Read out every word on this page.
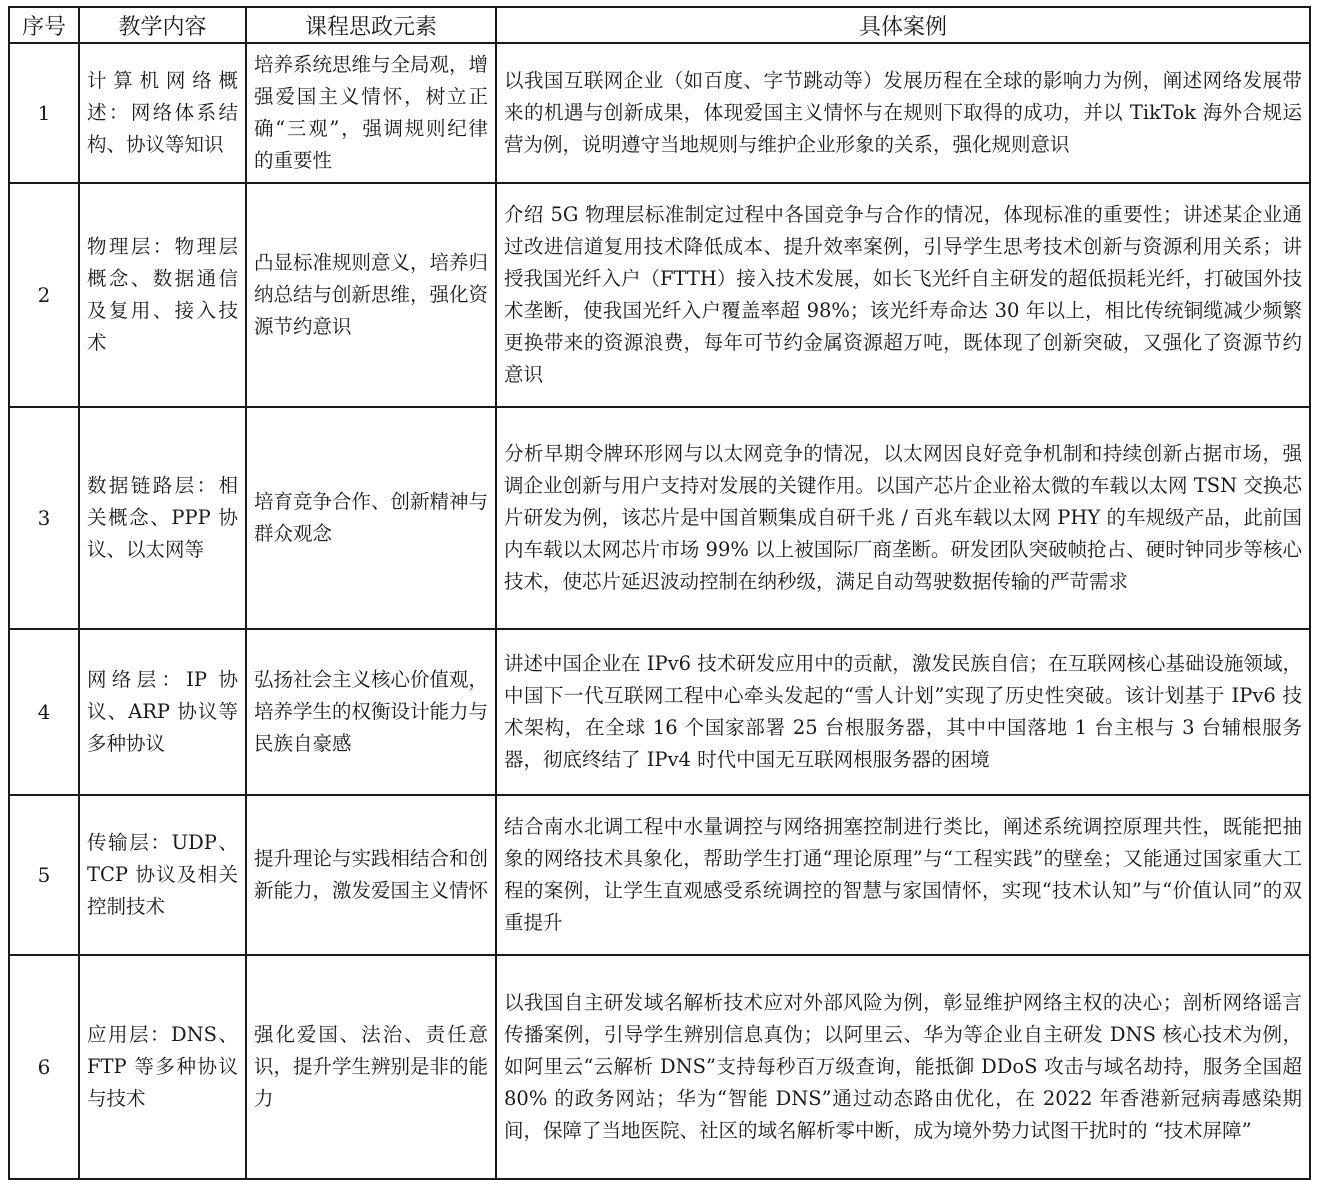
序号	教学内容	课程思政元素	具体案例
1	计算机网络概述：网络体系结构、协议等知识	培养系统思维与全局观，增强爱国主义情怀，树立正确“三观”，强调规则纪律的重要性	以我国互联网企业（如百度、字节跳动等）发展历程在全球的影响力为例，阐述网络发展带来的机遇与创新成果，体现爱国主义情怀与在规则下取得的成功，并以 TikTok 海外合规运营为例，说明遵守当地规则与维护企业形象的关系，强化规则意识
2	物理层：物理层概念、数据通信及复用、接入技术	凸显标准规则意义，培养归纳总结与创新思维，强化资源节约意识	介绍 5G 物理层标准制定过程中各国竞争与合作的情况，体现标准的重要性；讲述某企业通过改进信道复用技术降低成本、提升效率案例，引导学生思考技术创新与资源利用关系；讲授我国光纤入户（FTTH）接入技术发展，如长飞光纤自主研发的超低损耗光纤，打破国外技术垄断，使我国光纤入户覆盖率超 98%；该光纤寿命达 30 年以上，相比传统铜缆减少频繁更换带来的资源浪费，每年可节约金属资源超万吨，既体现了创新突破，又强化了资源节约意识
3	数据链路层：相关概念、PPP 协议、以太网等	培育竞争合作、创新精神与群众观念	分析早期令牌环形网与以太网竞争的情况，以太网因良好竞争机制和持续创新占据市场，强调企业创新与用户支持对发展的关键作用。以国产芯片企业裕太微的车载以太网 TSN 交换芯片研发为例，该芯片是中国首颗集成自研千兆 / 百兆车载以太网 PHY 的车规级产品，此前国内车载以太网芯片市场 99% 以上被国际厂商垄断。研发团队突破帧抢占、硬时钟同步等核心技术，使芯片延迟波动控制在纳秒级，满足自动驾驶数据传输的严苛需求
4	网络层：IP 协议、ARP 协议等多种协议	弘扬社会主义核心价值观，培养学生的权衡设计能力与民族自豪感	讲述中国企业在 IPv6 技术研发应用中的贡献，激发民族自信；在互联网核心基础设施领域，中国下一代互联网工程中心牵头发起的“雪人计划”实现了历史性突破。该计划基于 IPv6 技术架构，在全球 16 个国家部署 25 台根服务器，其中中国落地 1 台主根与 3 台辅根服务器，彻底终结了 IPv4 时代中国无互联网根服务器的困境
5	传输层：UDP、TCP 协议及相关控制技术	提升理论与实践相结合和创新能力，激发爱国主义情怀	结合南水北调工程中水量调控与网络拥塞控制进行类比，阐述系统调控原理共性，既能把抽象的网络技术具象化，帮助学生打通“理论原理”与“工程实践”的壁垒；又能通过国家重大工程的案例，让学生直观感受系统调控的智慧与家国情怀，实现“技术认知”与“价值认同”的双重提升
6	应用层：DNS、FTP 等多种协议与技术	强化爱国、法治、责任意识，提升学生辨别是非的能力	以我国自主研发域名解析技术应对外部风险为例，彰显维护网络主权的决心；剖析网络谣言传播案例，引导学生辨别信息真伪；以阿里云、华为等企业自主研发 DNS 核心技术为例，如阿里云“云解析 DNS”支持每秒百万级查询，能抵御 DDoS 攻击与域名劫持，服务全国超 80% 的政务网站；华为“智能 DNS”通过动态路由优化，在 2022 年香港新冠病毒感染期间，保障了当地医院、社区的域名解析零中断，成为境外势力试图干扰时的 “技术屏障”
